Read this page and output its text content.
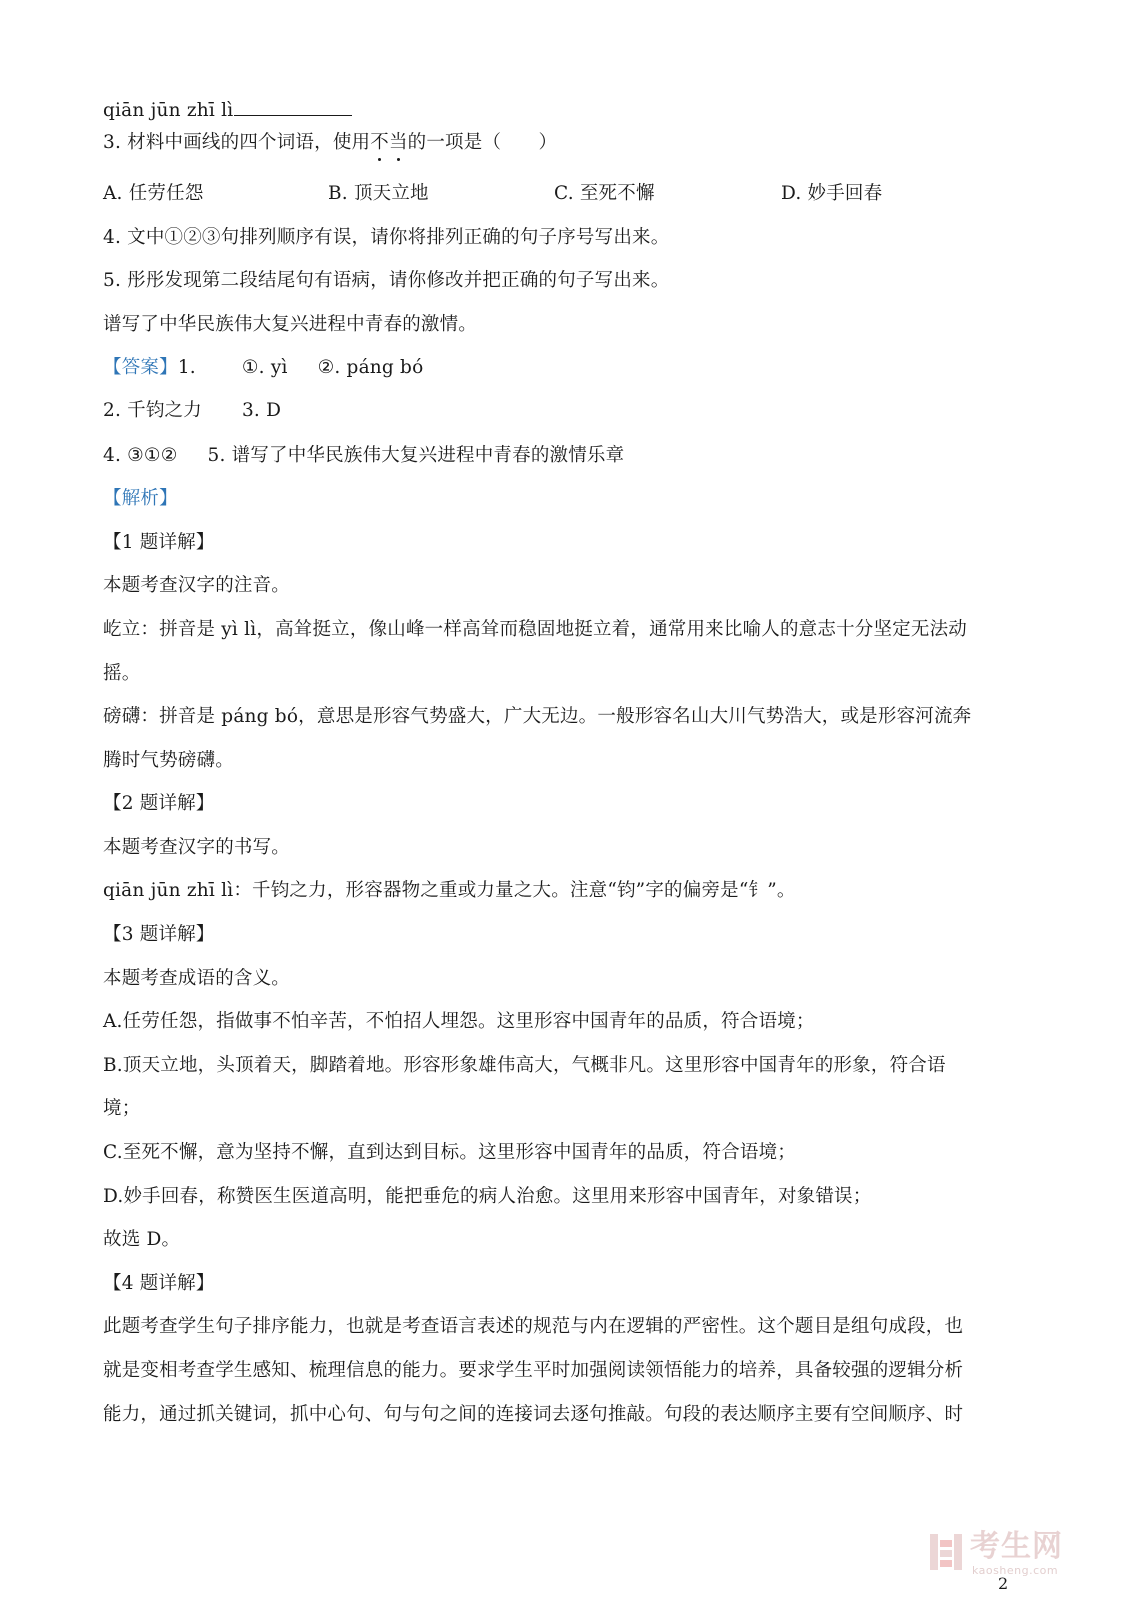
qiān jūn zhī lì
3. 材料中画线的四个词语，使用不当的一项是（　　）
A. 任劳任怨	B. 顶天立地	C. 至死不懈	D. 妙手回春
4. 文中①②③句排列顺序有误，请你将排列正确的句子序号写出来。
5. 彤彤发现第二段结尾句有语病，请你修改并把正确的句子写出来。
谱写了中华民族伟大复兴进程中青春的激情。
【答案】1. ①. yì ②. páng bó
2. 千钧之力 3. D
4. ③①② 5. 谱写了中华民族伟大复兴进程中青春的激情乐章
【解析】
【1 题详解】
本题考查汉字的注音。
屹立：拼音是 yì lì，高耸挺立，像山峰一样高耸而稳固地挺立着，通常用来比喻人的意志十分坚定无法动
摇。
磅礴：拼音是 páng bó，意思是形容气势盛大，广大无边。一般形容名山大川气势浩大，或是形容河流奔
腾时气势磅礴。
【2 题详解】
本题考查汉字的书写。
qiān jūn zhī lì：千钧之力，形容器物之重或力量之大。注意“钧”字的偏旁是“钅”。
【3 题详解】
本题考查成语的含义。
A.任劳任怨，指做事不怕辛苦，不怕招人埋怨。这里形容中国青年的品质，符合语境；
B.顶天立地，头顶着天，脚踏着地。形容形象雄伟高大，气概非凡。这里形容中国青年的形象，符合语
境；
C.至死不懈，意为坚持不懈，直到达到目标。这里形容中国青年的品质，符合语境；
D.妙手回春，称赞医生医道高明，能把垂危的病人治愈。这里用来形容中国青年，对象错误；
故选 D。
【4 题详解】
此题考查学生句子排序能力，也就是考查语言表述的规范与内在逻辑的严密性。这个题目是组句成段，也
就是变相考查学生感知、梳理信息的能力。要求学生平时加强阅读领悟能力的培养，具备较强的逻辑分析
能力，通过抓关键词，抓中心句、句与句之间的连接词去逐句推敲。句段的表达顺序主要有空间顺序、时
考生网
kaosheng.com
2
